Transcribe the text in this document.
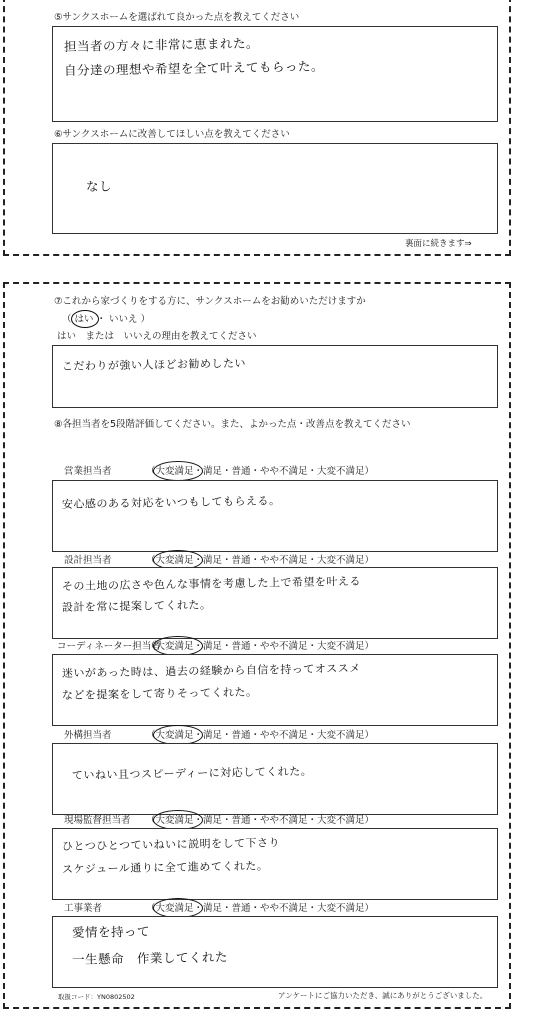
⑤サンクスホームを選ばれて良かった点を教えてください
担当者の方々に非常に恵まれた。
自分達の理想や希望を全て叶えてもらった。
⑥サンクスホームに改善してほしい点を教えてください
なし
裏面に続きます⇒
⑦これから家づくりをする方に、サンクスホームをお勧めいただけますか
（ はい ・ いいえ ）
はい　または　いいえの理由を教えてください
こだわりが強い人ほどお勧めしたい
⑧各担当者を5段階評価してください。また、よかった点・改善点を教えてください
営業担当者	（大変満足・満足・普通・やや不満足・大変不満足）
安心感のある対応をいつもしてもらえる。
設計担当者	（大変満足・満足・普通・やや不満足・大変不満足）
その土地の広さや色んな事情を考慮した上で希望を叶える
設計を常に提案してくれた。
コーディネーター担当者
（大変満足・満足・普通・やや不満足・大変不満足）
迷いがあった時は、過去の経験から自信を持ってオススメ
などを提案をして寄りそってくれた。
外構担当者	（大変満足・満足・普通・やや不満足・大変不満足）
ていねい且つスピーディーに対応してくれた。
現場監督担当者 （大変満足・満足・普通・やや不満足・大変不満足）
ひとつひとつていねいに説明をして下さり
スケジュール通りに全て進めてくれた。
工事業者	（大変満足・満足・普通・やや不満足・大変不満足）
愛情を持って
一生懸命　作業してくれた
取扱コード：YN0802502	アンケートにご協力いただき、誠にありがとうございました。
